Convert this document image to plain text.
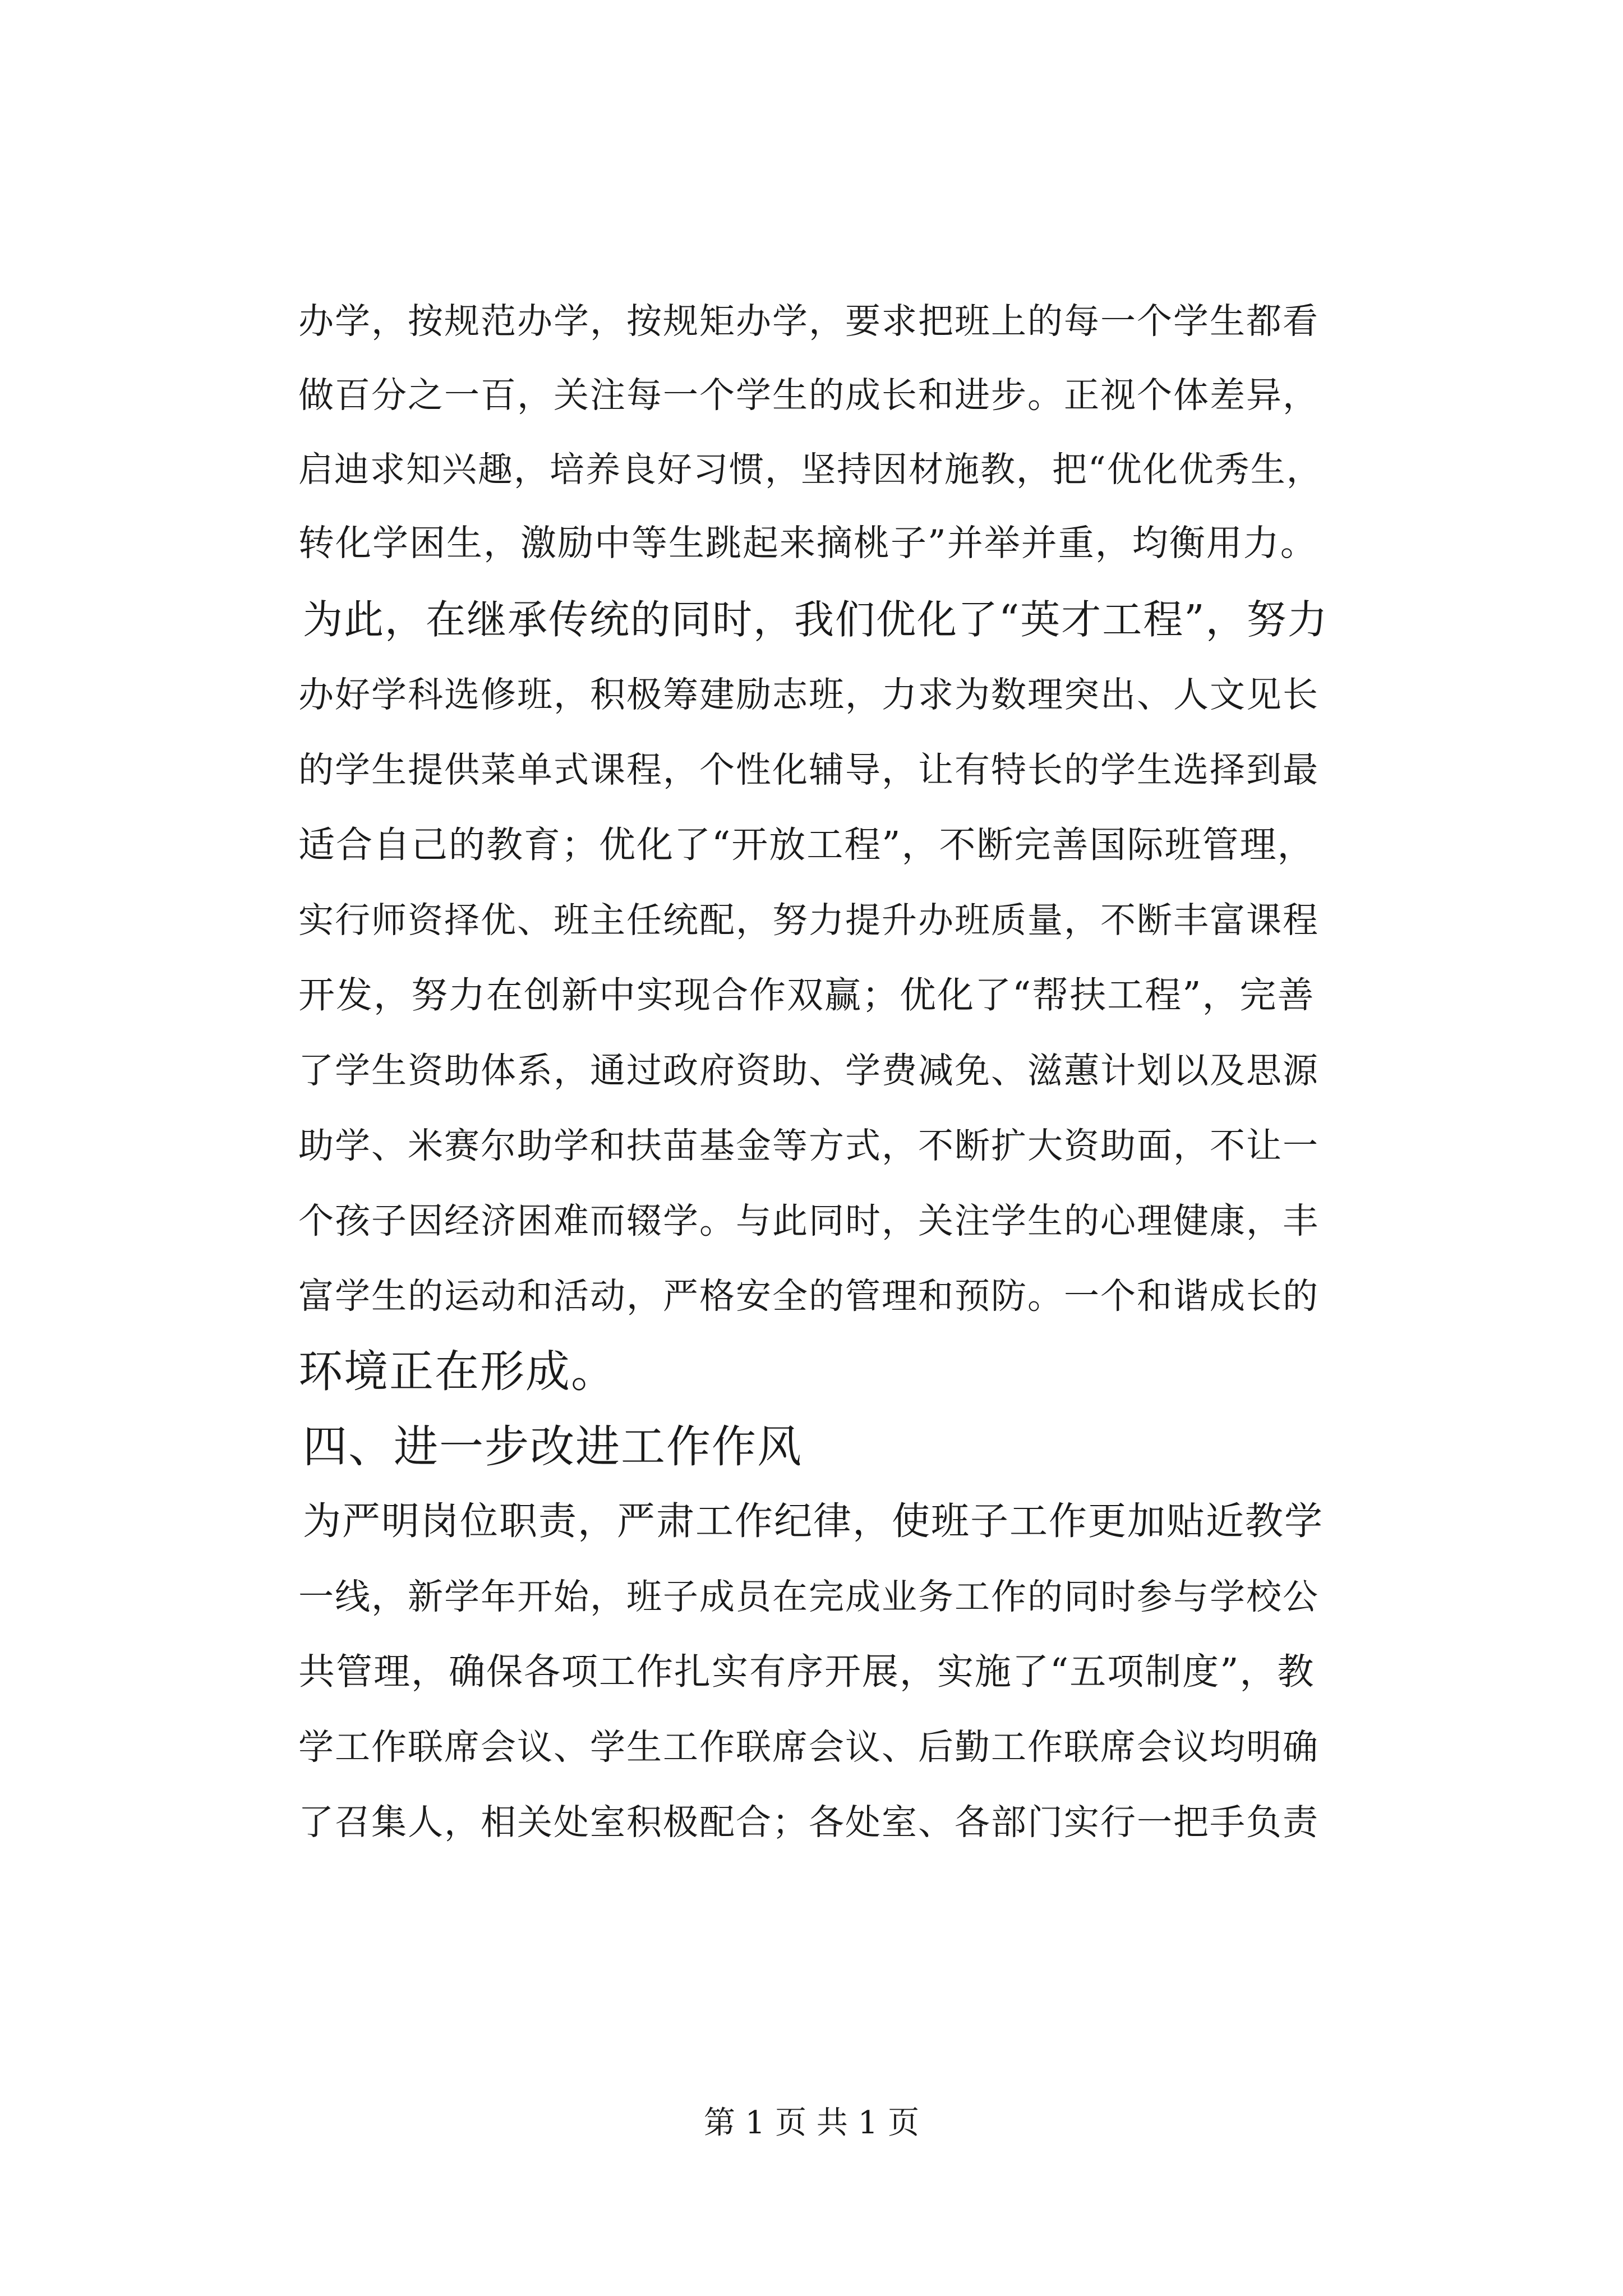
办学，按规范办学，按规矩办学，要求把班上的每一个学生都看
做百分之一百，关注每一个学生的成长和进步。正视个体差异，
启迪求知兴趣，培养良好习惯，坚持因材施教，把“优化优秀生，
转化学困生，激励中等生跳起来摘桃子”并举并重，均衡用力。
为此，在继承传统的同时，我们优化了“英才工程”，努力
办好学科选修班，积极筹建励志班，力求为数理突出、人文见长
的学生提供菜单式课程，个性化辅导，让有特长的学生选择到最
适合自己的教育；优化了“开放工程”，不断完善国际班管理，
实行师资择优、班主任统配，努力提升办班质量，不断丰富课程
开发，努力在创新中实现合作双赢；优化了“帮扶工程”，完善
了学生资助体系，通过政府资助、学费减免、滋蕙计划以及思源
助学、米赛尔助学和扶苗基金等方式，不断扩大资助面，不让一
个孩子因经济困难而辍学。与此同时，关注学生的心理健康，丰
富学生的运动和活动，严格安全的管理和预防。一个和谐成长的
环境正在形成。
四、进一步改进工作作风
为严明岗位职责，严肃工作纪律，使班子工作更加贴近教学
一线，新学年开始，班子成员在完成业务工作的同时参与学校公
共管理，确保各项工作扎实有序开展，实施了“五项制度”，教
学工作联席会议、学生工作联席会议、后勤工作联席会议均明确
了召集人，相关处室积极配合；各处室、各部门实行一把手负责
第 1 页 共 1 页
